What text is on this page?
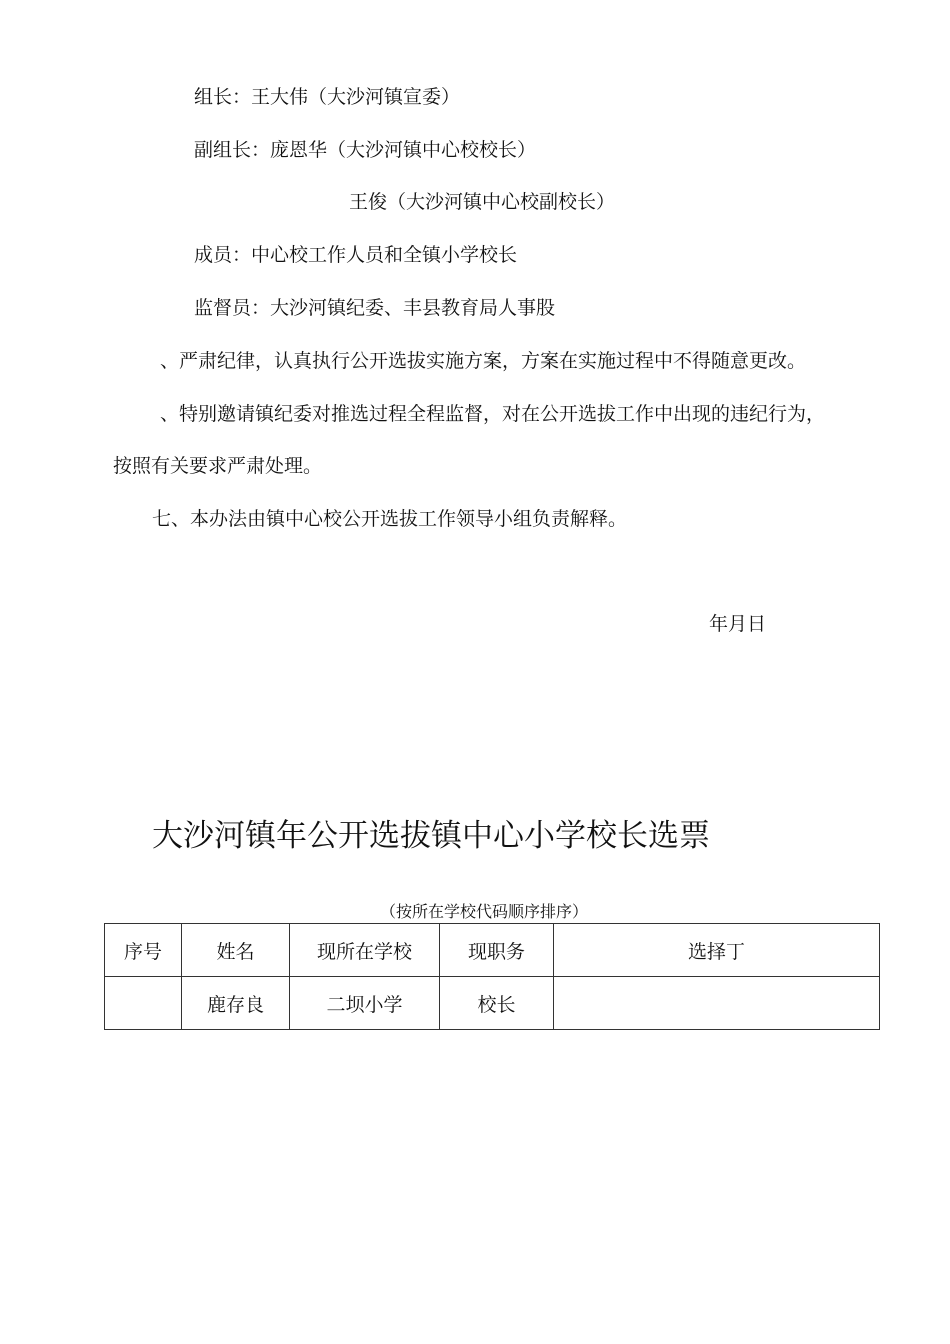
组长：王大伟（大沙河镇宣委）
副组长：庞恩华（大沙河镇中心校校长）
王俊（大沙河镇中心校副校长）
成员：中心校工作人员和全镇小学校长
监督员：大沙河镇纪委、丰县教育局人事股
、严肃纪律，认真执行公开选拔实施方案，方案在实施过程中不得随意更改。
、特别邀请镇纪委对推选过程全程监督，对在公开选拔工作中出现的违纪行为，
按照有关要求严肃处理。
七、本办法由镇中心校公开选拔工作领导小组负责解释。
年月日
大沙河镇年公开选拔镇中心小学校长选票
（按所在学校代码顺序排序）
序号	姓名	现所在学校	现职务	选择丁
	鹿存良	二坝小学	校长	
